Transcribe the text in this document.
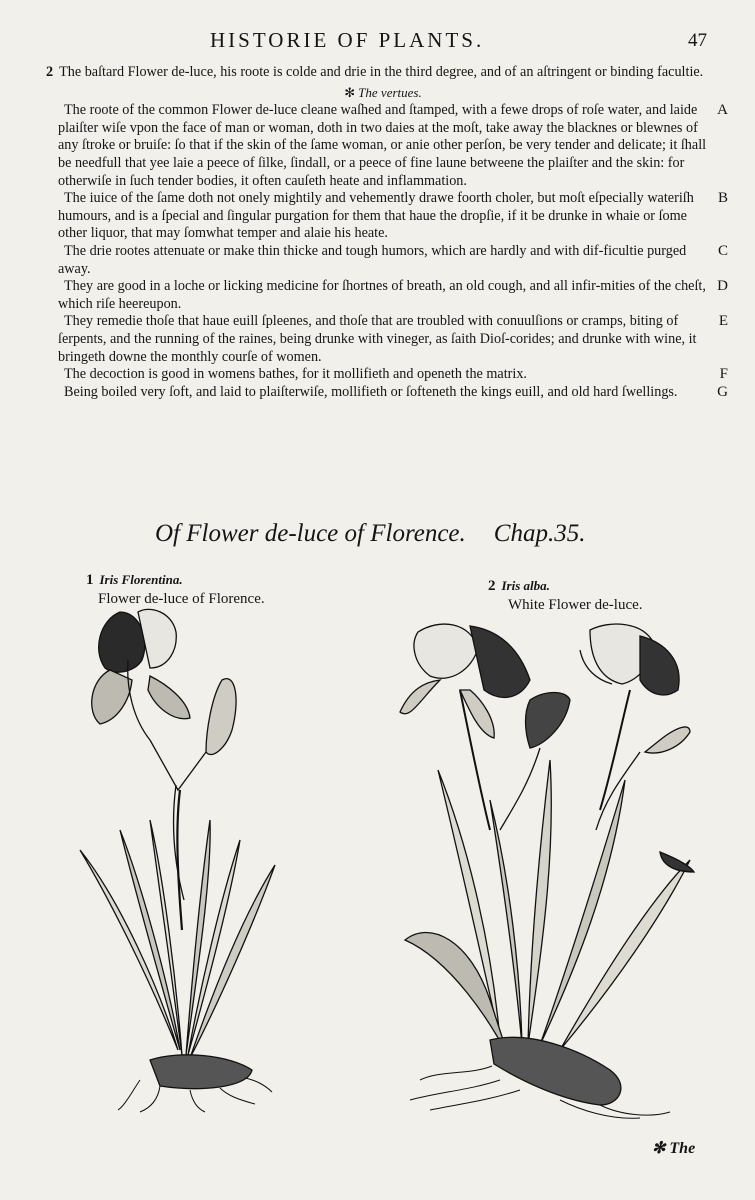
HISTORIE OF PLANTS.	47

2 The baſtard Flower de-luce, his roote is colde and drie in the third degree, and of an aſtringent or binding facultie.

✻ The vertues.

The roote of the common Flower de-luce cleane waſhed and ſtamped, with a fewe drops of roſe water, and laide plaiſter wiſe vpon the face of man or woman, doth in two daies at the moſt, take away the blacknes or blewnes of any ſtroke or bruiſe: ſo that if the skin of the ſame woman, or anie other perſon, be very tender and delicate; it ſhall be needfull that yee laie a peece of ſilke, ſindall, or a peece of fine laune betweene the plaiſter and the skin: for otherwiſe in ſuch tender bodies, it often cauſeth heate and inflammation.
A

The iuice of the ſame doth not onely mightily and vehemently drawe foorth choler, but moſt eſpecially wateriſh humours, and is a ſpecial and ſingular purgation for them that haue the dropſie, if it be drunke in whaie or ſome other liquor, that may ſomwhat temper and alaie his heate.
B

The drie rootes attenuate or make thin thicke and tough humors, which are hardly and with dif-ficultie purged away.
C

They are good in a loche or licking medicine for ſhortnes of breath, an old cough, and all infir-mities of the cheſt, which riſe heereupon.
D

They remedie thoſe that haue euill ſpleenes, and thoſe that are troubled with conuulſions or cramps, biting of ſerpents, and the running of the raines, being drunke with vineger, as ſaith Dioſ-corides; and drunke with wine, it bringeth downe the monthly courſe of women.
E

The decoction is good in womens bathes, for it mollifieth and openeth the matrix.	F

Being boiled very ſoft, and laid to plaiſterwiſe, mollifieth or ſofteneth the kings euill, and old hard ſwellings.	G

Of Flower de-luce of Florence. Chap.35.
1 Iris Florentina.
Flower de-luce of Florence.
2 Iris alba.
White Flower de-luce.
✻ The
